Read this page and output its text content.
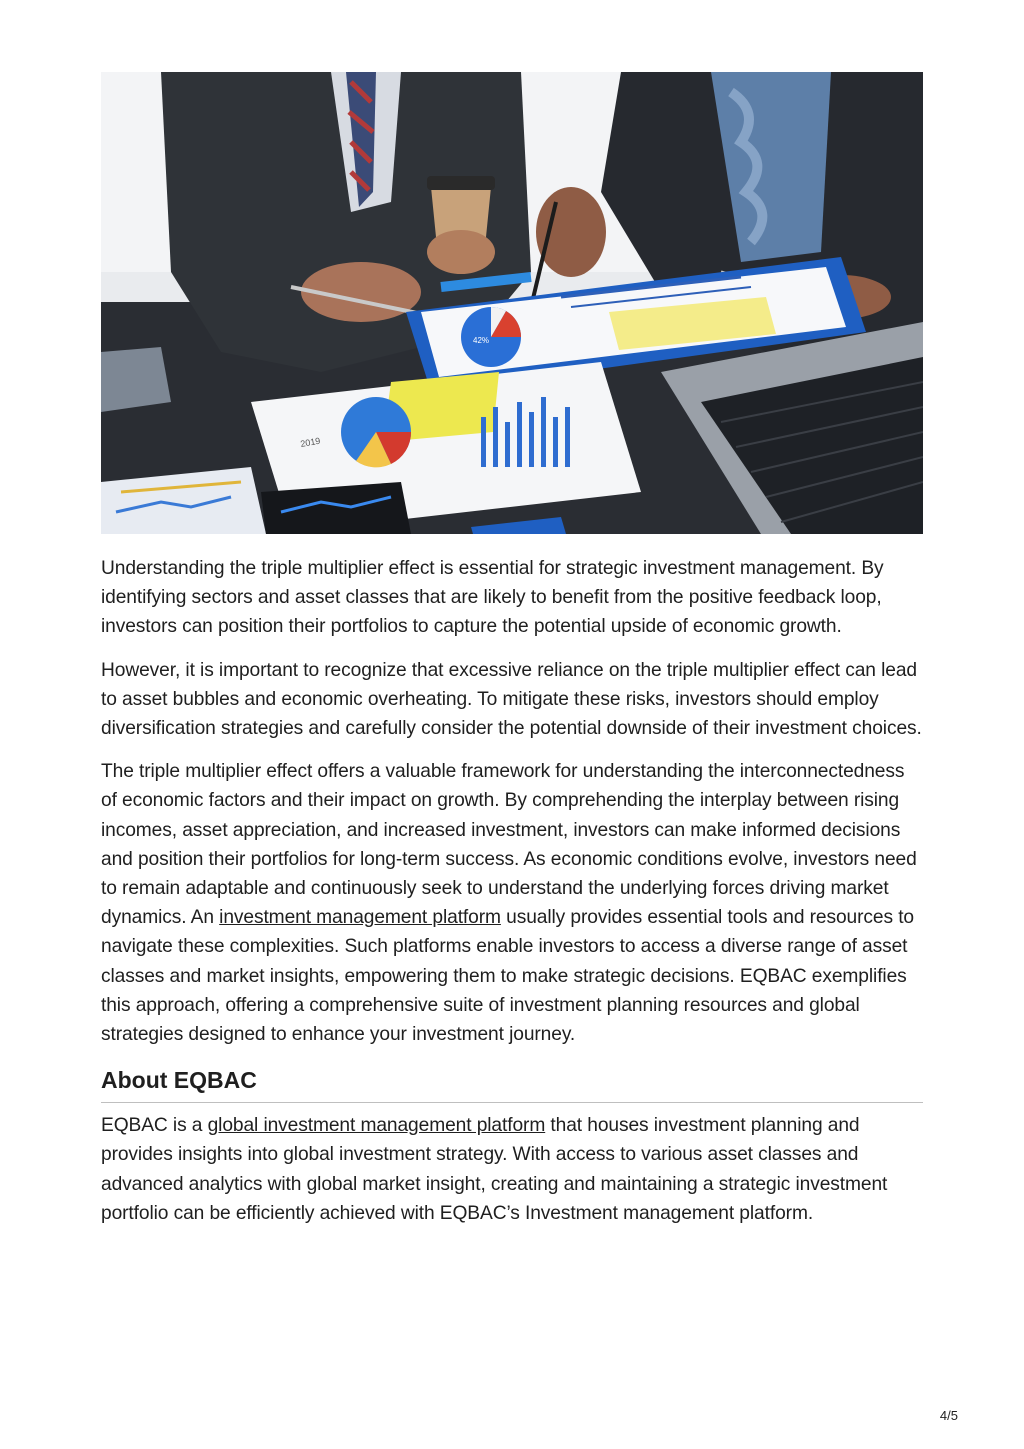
42%
2019

Understanding the triple multiplier effect is essential for strategic investment management. By identifying sectors and asset classes that are likely to benefit from the positive feedback loop, investors can position their portfolios to capture the potential upside of economic growth.

However, it is important to recognize that excessive reliance on the triple multiplier effect can lead to asset bubbles and economic overheating. To mitigate these risks, investors should employ diversification strategies and carefully consider the potential downside of their investment choices.

The triple multiplier effect offers a valuable framework for understanding the interconnectedness of economic factors and their impact on growth. By comprehending the interplay between rising incomes, asset appreciation, and increased investment, investors can make informed decisions and position their portfolios for long-term success. As economic conditions evolve, investors need to remain adaptable and continuously seek to understand the underlying forces driving market dynamics. An investment management platform usually provides essential tools and resources to navigate these complexities. Such platforms enable investors to access a diverse range of asset classes and market insights, empowering them to make strategic decisions. EQBAC exemplifies this approach, offering a comprehensive suite of investment planning resources and global strategies designed to enhance your investment journey.

About EQBAC

EQBAC is a global investment management platform that houses investment planning and provides insights into global investment strategy. With access to various asset classes and advanced analytics with global market insight, creating and maintaining a strategic investment portfolio can be efficiently achieved with EQBAC’s Investment management platform.

4/5
